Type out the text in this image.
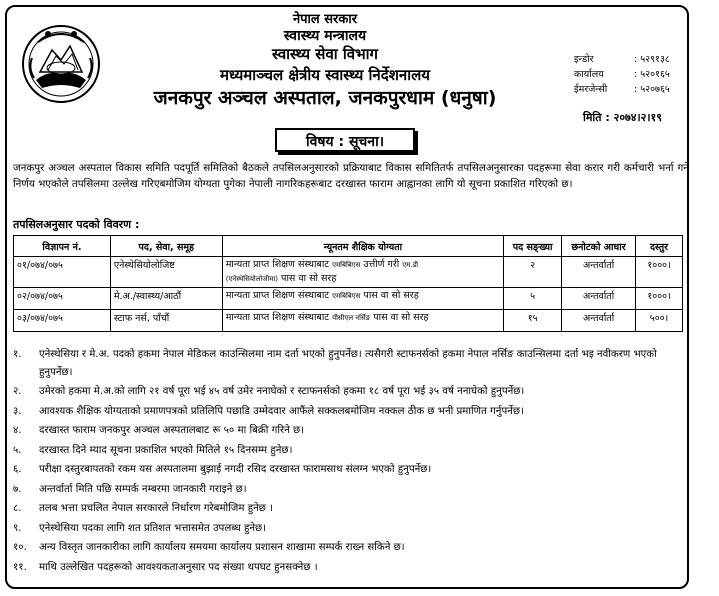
नेपाल सरकार
स्वास्थ्य मन्त्रालय
स्वास्थ्य सेवा विभाग
मध्यमाञ्चल क्षेत्रीय स्वास्थ्य निर्देशनालय
जनकपुर अञ्चल अस्पताल, जनकपुरधाम (धनुषा)
इन्डोर	: ५२९१३८
कार्यालय	: ५२०१६५
ईमरजेन्सी	: ५२०७६५
मिति : २०७४।२।१९
विषय : सूचना।
जनकपुर अञ्चल अस्पताल विकास समिति पदपूर्ति समितिको बैठकले तपसिलअनुसारको प्रक्रियाबाट विकास समितितर्फ तपसिलअनुसारका पदहरूमा सेवा करार गरी कर्मचारी भर्ना गर्ने निर्णय भएकोले तपसिलमा उल्लेख गरिएबमोजिम योग्यता पुगेका नेपाली नागरिकहरूबाट दरखास्त फाराम आह्वानका लागि यो सूचना प्रकाशित गरिएको छ।
तपसिलअनुसार पदको विवरण :
विज्ञापन नं.	पद, सेवा, समूह	न्यूनतम शैक्षिक योग्यता	पद सङ्ख्या	छनोटको आधार	दस्तुर
०१/०७४/०७५	एनेस्थेसियोलोजिष्ट	मान्यता प्राप्त शिक्षण संस्थाबाट एमबिबिएस उत्तीर्ण गरी एम.डी
(एनेस्थेसियोलोजीमा) पास वा सो सरह	२	अन्तर्वार्ता	१०००।
०२/०७४/०७५	मे.अ./स्वास्थ्य/आठौं	मान्यता प्राप्त शिक्षण संस्थाबाट एमबिबिएस पास वा सो सरह	५	अन्तर्वार्ता	१०००।
०३/०७४/०७५	स्टाफ नर्स, पाँचौं	मान्यता प्राप्त शिक्षण संस्थाबाट पीसीएल नर्सिङ पास वा सो सरह	१५	अन्तर्वार्ता	५००।
१.	एनेस्थेसिया र मे.अ. पदको हकमा नेपाल मेडिकल काउन्सिलमा नाम दर्ता भएको हुनुपर्नेछ। त्यसैगरी स्टाफनर्सको हकमा नेपाल नर्सिङ काउन्सिलमा दर्ता भइ नवीकरण भएको हुनुपर्नेछ।
२.	उमेरको हकमा मे.अ.को लागि २१ वर्ष पूरा भई ४५ वर्ष उमेर ननाघेको र स्टाफनर्सको हकमा १८ वर्ष पूरा भई ३५ वर्ष ननाघेको हुनुपर्नेछ।
३.	आवश्यक शैक्षिक योग्यताको प्रमाणपत्रको प्रतिलिपि पछाडि उम्मेदवार आफैंले सक्कलबमोजिम नक्कल ठीक छ भनी प्रमाणित गर्नुपर्नेछ।
४.	दरखास्त फाराम जनकपुर अञ्चल अस्पतालबाट रू ५० मा बिक्री गरिने छ।
५.	दरखास्त दिने म्याद सूचना प्रकाशित भएको मितिले १५ दिनसम्म हुनेछ।
६.	परीक्षा दस्तुरबापतको रकम यस अस्पतालमा बुझाई नगदी रसिद दरखास्त फारामसाथ संलग्न भएको हुनुपर्नेछ।
७.	अन्तर्वार्ता मिति पछि सम्पर्क नम्बरमा जानकारी गराइने छ।
८.	तलब भत्ता प्रचलित नेपाल सरकारले निर्धारण गरेबमोजिम हुनेछ ।
९.	एनेस्थेसिया पदका लागि शत प्रतिशत भत्तासमेत उपलब्ध हुनेछ।
१०.	अन्य विस्तृत जानकारीका लागि कार्यालय समयमा कार्यालय प्रशासन शाखामा सम्पर्क राख्न सकिने छ।
११.	माथि उल्लेखित पदहरूको आवश्यकताअनुसार पद संख्या थपघट हुनसक्नेछ ।
